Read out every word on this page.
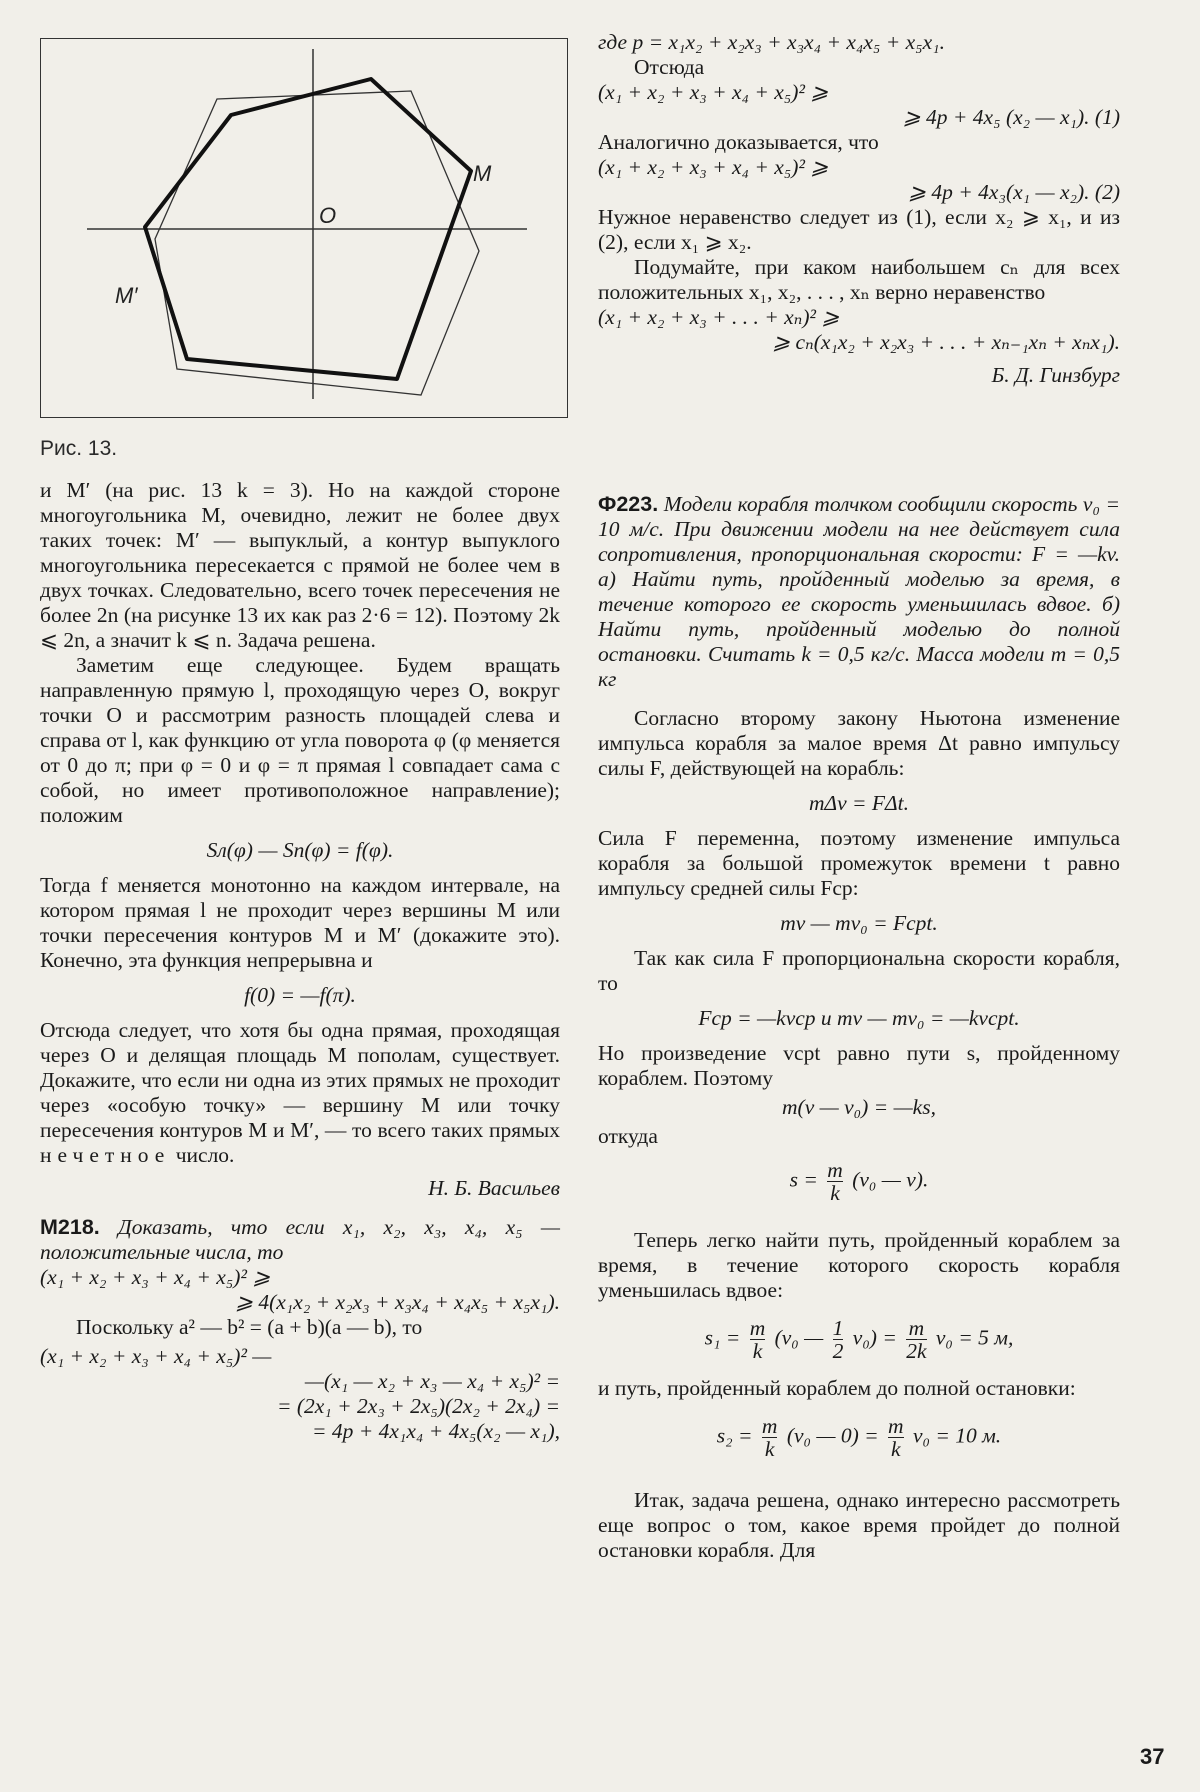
M
O
M′
Рис. 13.

где p = x₁x₂ + x₂x₃ + x₃x₄ + x₄x₅ + x₅x₁.

Отсюда

(x₁ + x₂ + x₃ + x₄ + x₅)² ⩾

⩾ 4p + 4x₅ (x₂ — x₁). (1)

Аналогично доказывается, что

(x₁ + x₂ + x₃ + x₄ + x₅)² ⩾

⩾ 4p + 4x₃(x₁ — x₂). (2)

Нужное неравенство следует из (1), если x₂ ⩾ x₁, и из (2), если x₁ ⩾ x₂.

Подумайте, при каком наибольшем cₙ для всех положительных x₁, x₂, . . . , xₙ верно неравенство

(x₁ + x₂ + x₃ + . . . + xₙ)² ⩾

⩾ cₙ(x₁x₂ + x₂x₃ + . . . + xₙ₋₁xₙ + xₙx₁).

Б. Д. Гинзбург

и M′ (на рис. 13 k = 3). Но на каждой стороне многоугольника M, очевидно, лежит не более двух таких точек: M′ — выпуклый, а контур выпуклого многоугольника пересекается с прямой не более чем в двух точках. Следовательно, всего точек пересечения не более 2n (на рисунке 13 их как раз 2·6 = 12). Поэтому 2k ⩽ 2n, а значит k ⩽ n. Задача решена.

Заметим еще следующее. Будем вращать направленную прямую l, проходящую через O, вокруг точки O и рассмотрим разность площадей слева и справа от l, как функцию от угла поворота φ (φ меняется от 0 до π; при φ = 0 и φ = π прямая l совпадает сама с собой, но имеет противоположное направление); положим

Sл(φ) — Sп(φ) = f(φ).

Тогда f меняется монотонно на каждом интервале, на котором прямая l не проходит через вершины M или точки пересечения контуров M и M′ (докажите это). Конечно, эта функция непрерывна и

f(0) = —f(π).

Отсюда следует, что хотя бы одна прямая, проходящая через O и делящая площадь M пополам, существует. Докажите, что если ни одна из этих прямых не проходит через «особую точку» — вершину M или точку пересечения контуров M и M′, — то всего таких прямых нечетное число.

Н. Б. Васильев

М218. Доказать, что если x₁, x₂, x₃, x₄, x₅ — положительные числа, то

(x₁ + x₂ + x₃ + x₄ + x₅)² ⩾

⩾ 4(x₁x₂ + x₂x₃ + x₃x₄ + x₄x₅ + x₅x₁).

Поскольку a² — b² = (a + b)(a — b), то

(x₁ + x₂ + x₃ + x₄ + x₅)² —

—(x₁ — x₂ + x₃ — x₄ + x₅)² =

= (2x₁ + 2x₃ + 2x₅)(2x₂ + 2x₄) =

= 4p + 4x₁x₄ + 4x₅(x₂ — x₁),

Ф223. Модели корабля толчком сообщили скорость v₀ = 10 м/с. При движении модели на нее действует сила сопротивления, пропорциональная скорости: F = —kv. а) Найти путь, пройденный моделью за время, в течение которого ее скорость уменьшилась вдвое. б) Найти путь, пройденный моделью до полной остановки. Считать k = 0,5 кг/с. Масса модели m = 0,5 кг

Согласно второму закону Ньютона изменение импульса корабля за малое время Δt равно импульсу силы F, действующей на корабль:

mΔv = FΔt.

Сила F переменна, поэтому изменение импульса корабля за большой промежуток времени t равно импульсу средней силы Fср:

mv — mv₀ = Fсрt.

Так как сила F пропорциональна скорости корабля, то

Fср = —kvср и mv — mv₀ = —kvсрt.

Но произведение vсрt равно пути s, пройденному кораблем. Поэтому

m(v — v₀) = —ks,

откуда

$s = \frac{m}{k} (v_0$ — v).

Теперь легко найти путь, пройденный кораблем за время, в течение которого скорость корабля уменьшилась вдвое:

$s_1 = \frac{m}{k} (v_0$ — $\frac{1}{2} v_0) = \frac{m}{2k} v_0 = 5$ м,

и путь, пройденный кораблем до полной остановки:

$s_2 = \frac{m}{k} (v_0$ — $0) = \frac{m}{k} v_0 = 10$ м.

Итак, задача решена, однако интересно рассмотреть еще вопрос о том, какое время пройдет до полной остановки корабля. Для

37
